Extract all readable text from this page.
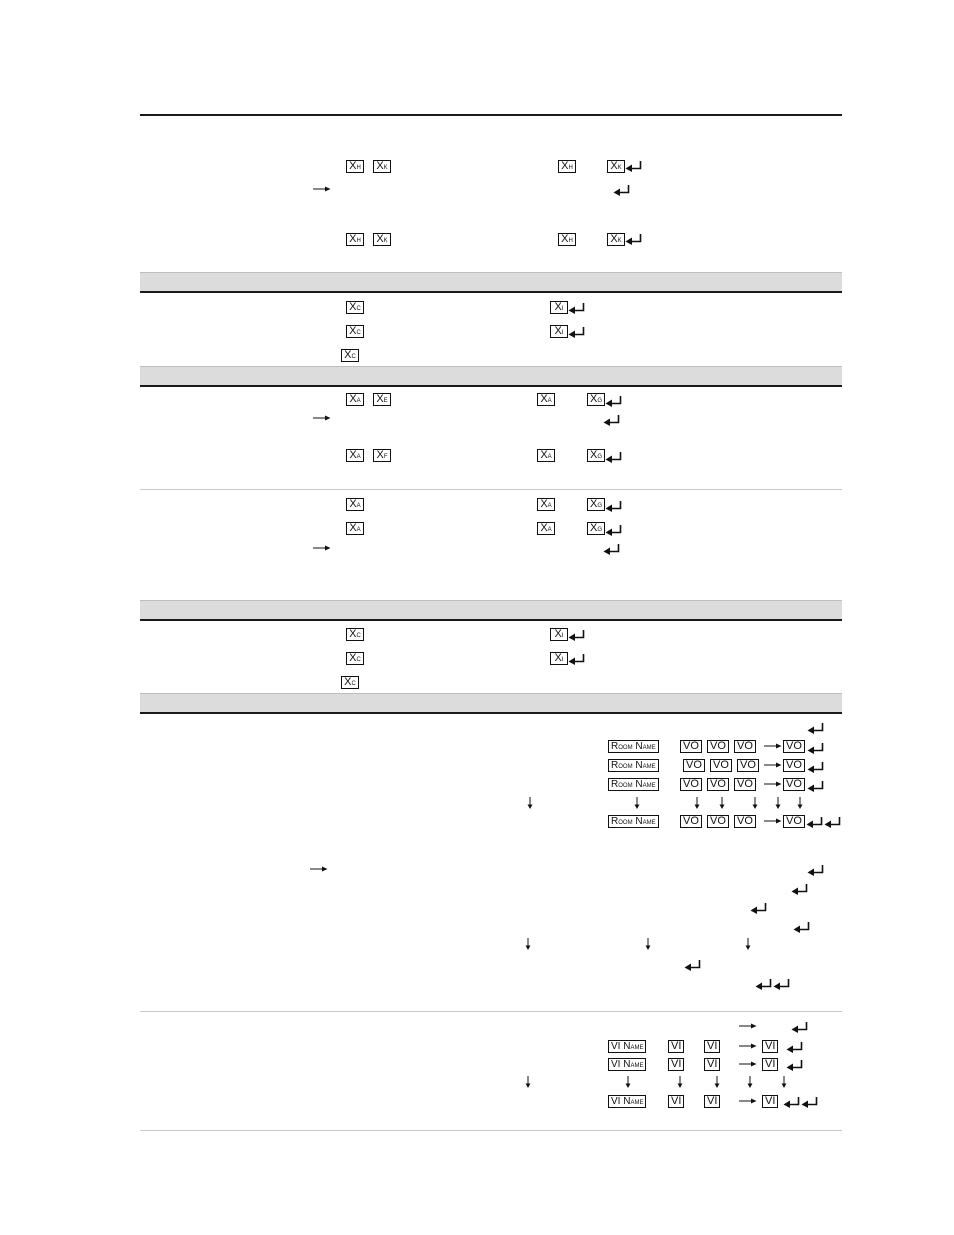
XH	XK	XH	XK
XH	XK	XH	XK
XC	XI
XC	XI
XC
XA	XE	XA	XG
XA	XF	XA	XG
XA	XA	XG
XA	XA	XG
XC	XI
XC	XI
XC
ROOM NAME VO VO VO	VO
ROOM NAME	VO VO VO	VO
ROOM NAME VO VO VO	VO
ROOM NAME VO VO VO	VO
VI NAME	VI VI	VI
VI NAME	VI VI	VI
VI NAME	VI VI	VI
